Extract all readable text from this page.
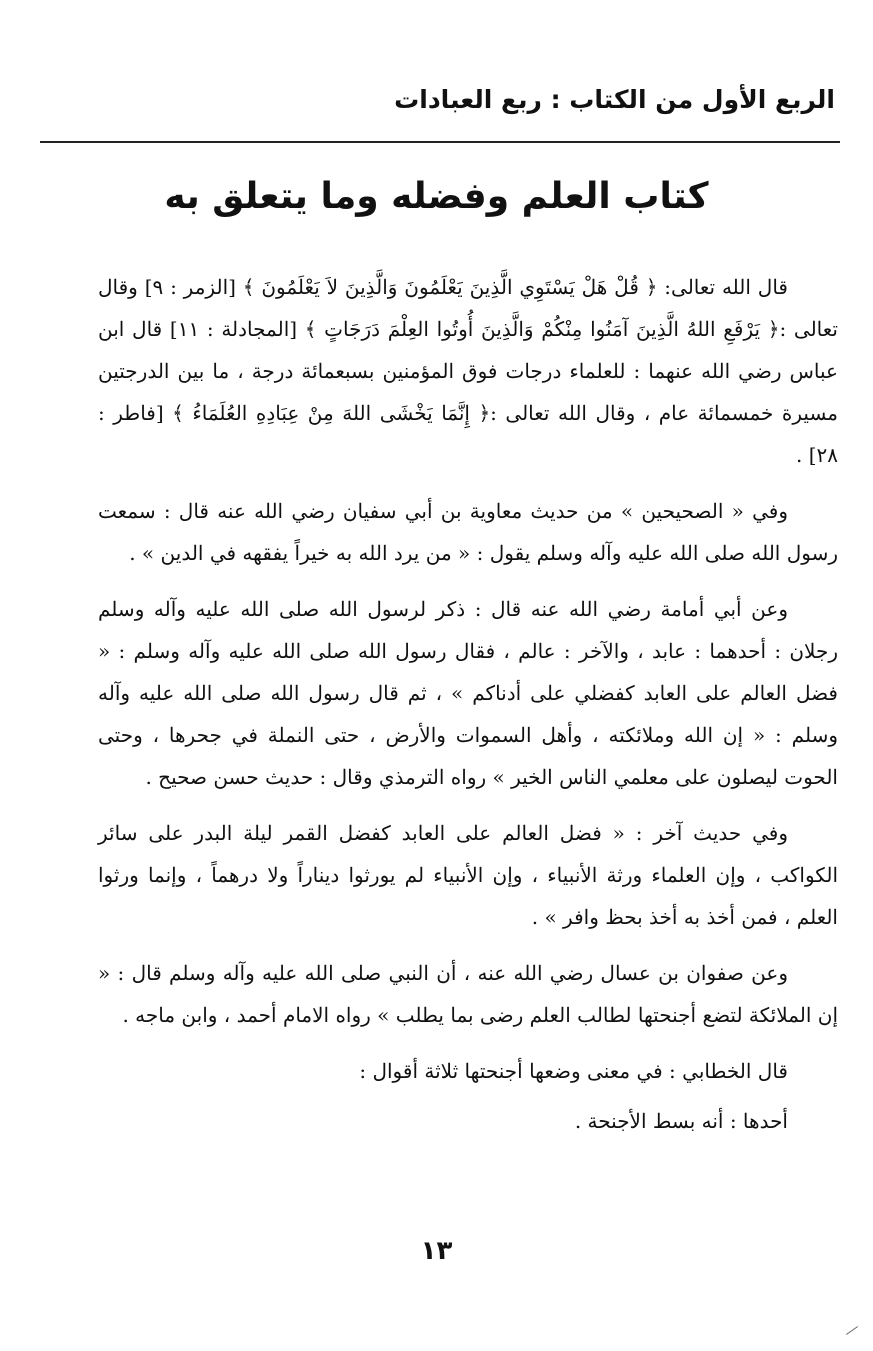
الربع الأول من الكتاب : ربع العبادات
كتاب العلم وفضله وما يتعلق به

قال الله تعالى: ﴿ قُلْ هَلْ يَسْتَوِي الَّذِينَ يَعْلَمُونَ وَالَّذِينَ لاَ يَعْلَمُونَ ﴾ [الزمر : ٩] وقال تعالى :﴿ يَرْفَعِ اللهُ الَّذِينَ آمَنُوا مِنْكُمْ وَالَّذِينَ أُوتُوا العِلْمَ دَرَجَاتٍ ﴾ [المجادلة : ١١] قال ابن عباس رضي الله عنهما : للعلماء درجات فوق المؤمنين بسبعمائة درجة ، ما بين الدرجتين مسيرة خمسمائة عام ، وقال الله تعالى :﴿ إِنَّمَا يَخْشَى اللهَ مِنْ عِبَادِهِ العُلَمَاءُ ﴾ [فاطر : ٢٨] .

وفي « الصحيحين » من حديث معاوية بن أبي سفيان رضي الله عنه قال : سمعت رسول الله صلى الله عليه وآله وسلم يقول : « من يرد الله به خيراً يفقهه في الدين » .

وعن أبي أمامة رضي الله عنه قال : ذكر لرسول الله صلى الله عليه وآله وسلم رجلان : أحدهما : عابد ، والآخر : عالم ، فقال رسول الله صلى الله عليه وآله وسلم : « فضل العالم على العابد كفضلي على أدناكم » ، ثم قال رسول الله صلى الله عليه وآله وسلم : « إن الله وملائكته ، وأهل السموات والأرض ، حتى النملة في جحرها ، وحتى الحوت ليصلون على معلمي الناس الخير » رواه الترمذي وقال : حديث حسن صحيح .

وفي حديث آخر : « فضل العالم على العابد كفضل القمر ليلة البدر على سائر الكواكب ، وإن العلماء ورثة الأنبياء ، وإن الأنبياء لم يورثوا ديناراً ولا درهماً ، وإنما ورثوا العلم ، فمن أخذ به أخذ بحظ وافر » .

وعن صفوان بن عسال رضي الله عنه ، أن النبي صلى الله عليه وآله وسلم قال : « إن الملائكة لتضع أجنحتها لطالب العلم رضى بما يطلب » رواه الامام أحمد ، وابن ماجه .

قال الخطابي : في معنى وضعها أجنحتها ثلاثة أقوال :

أحدها : أنه بسط الأجنحة .

١٣
